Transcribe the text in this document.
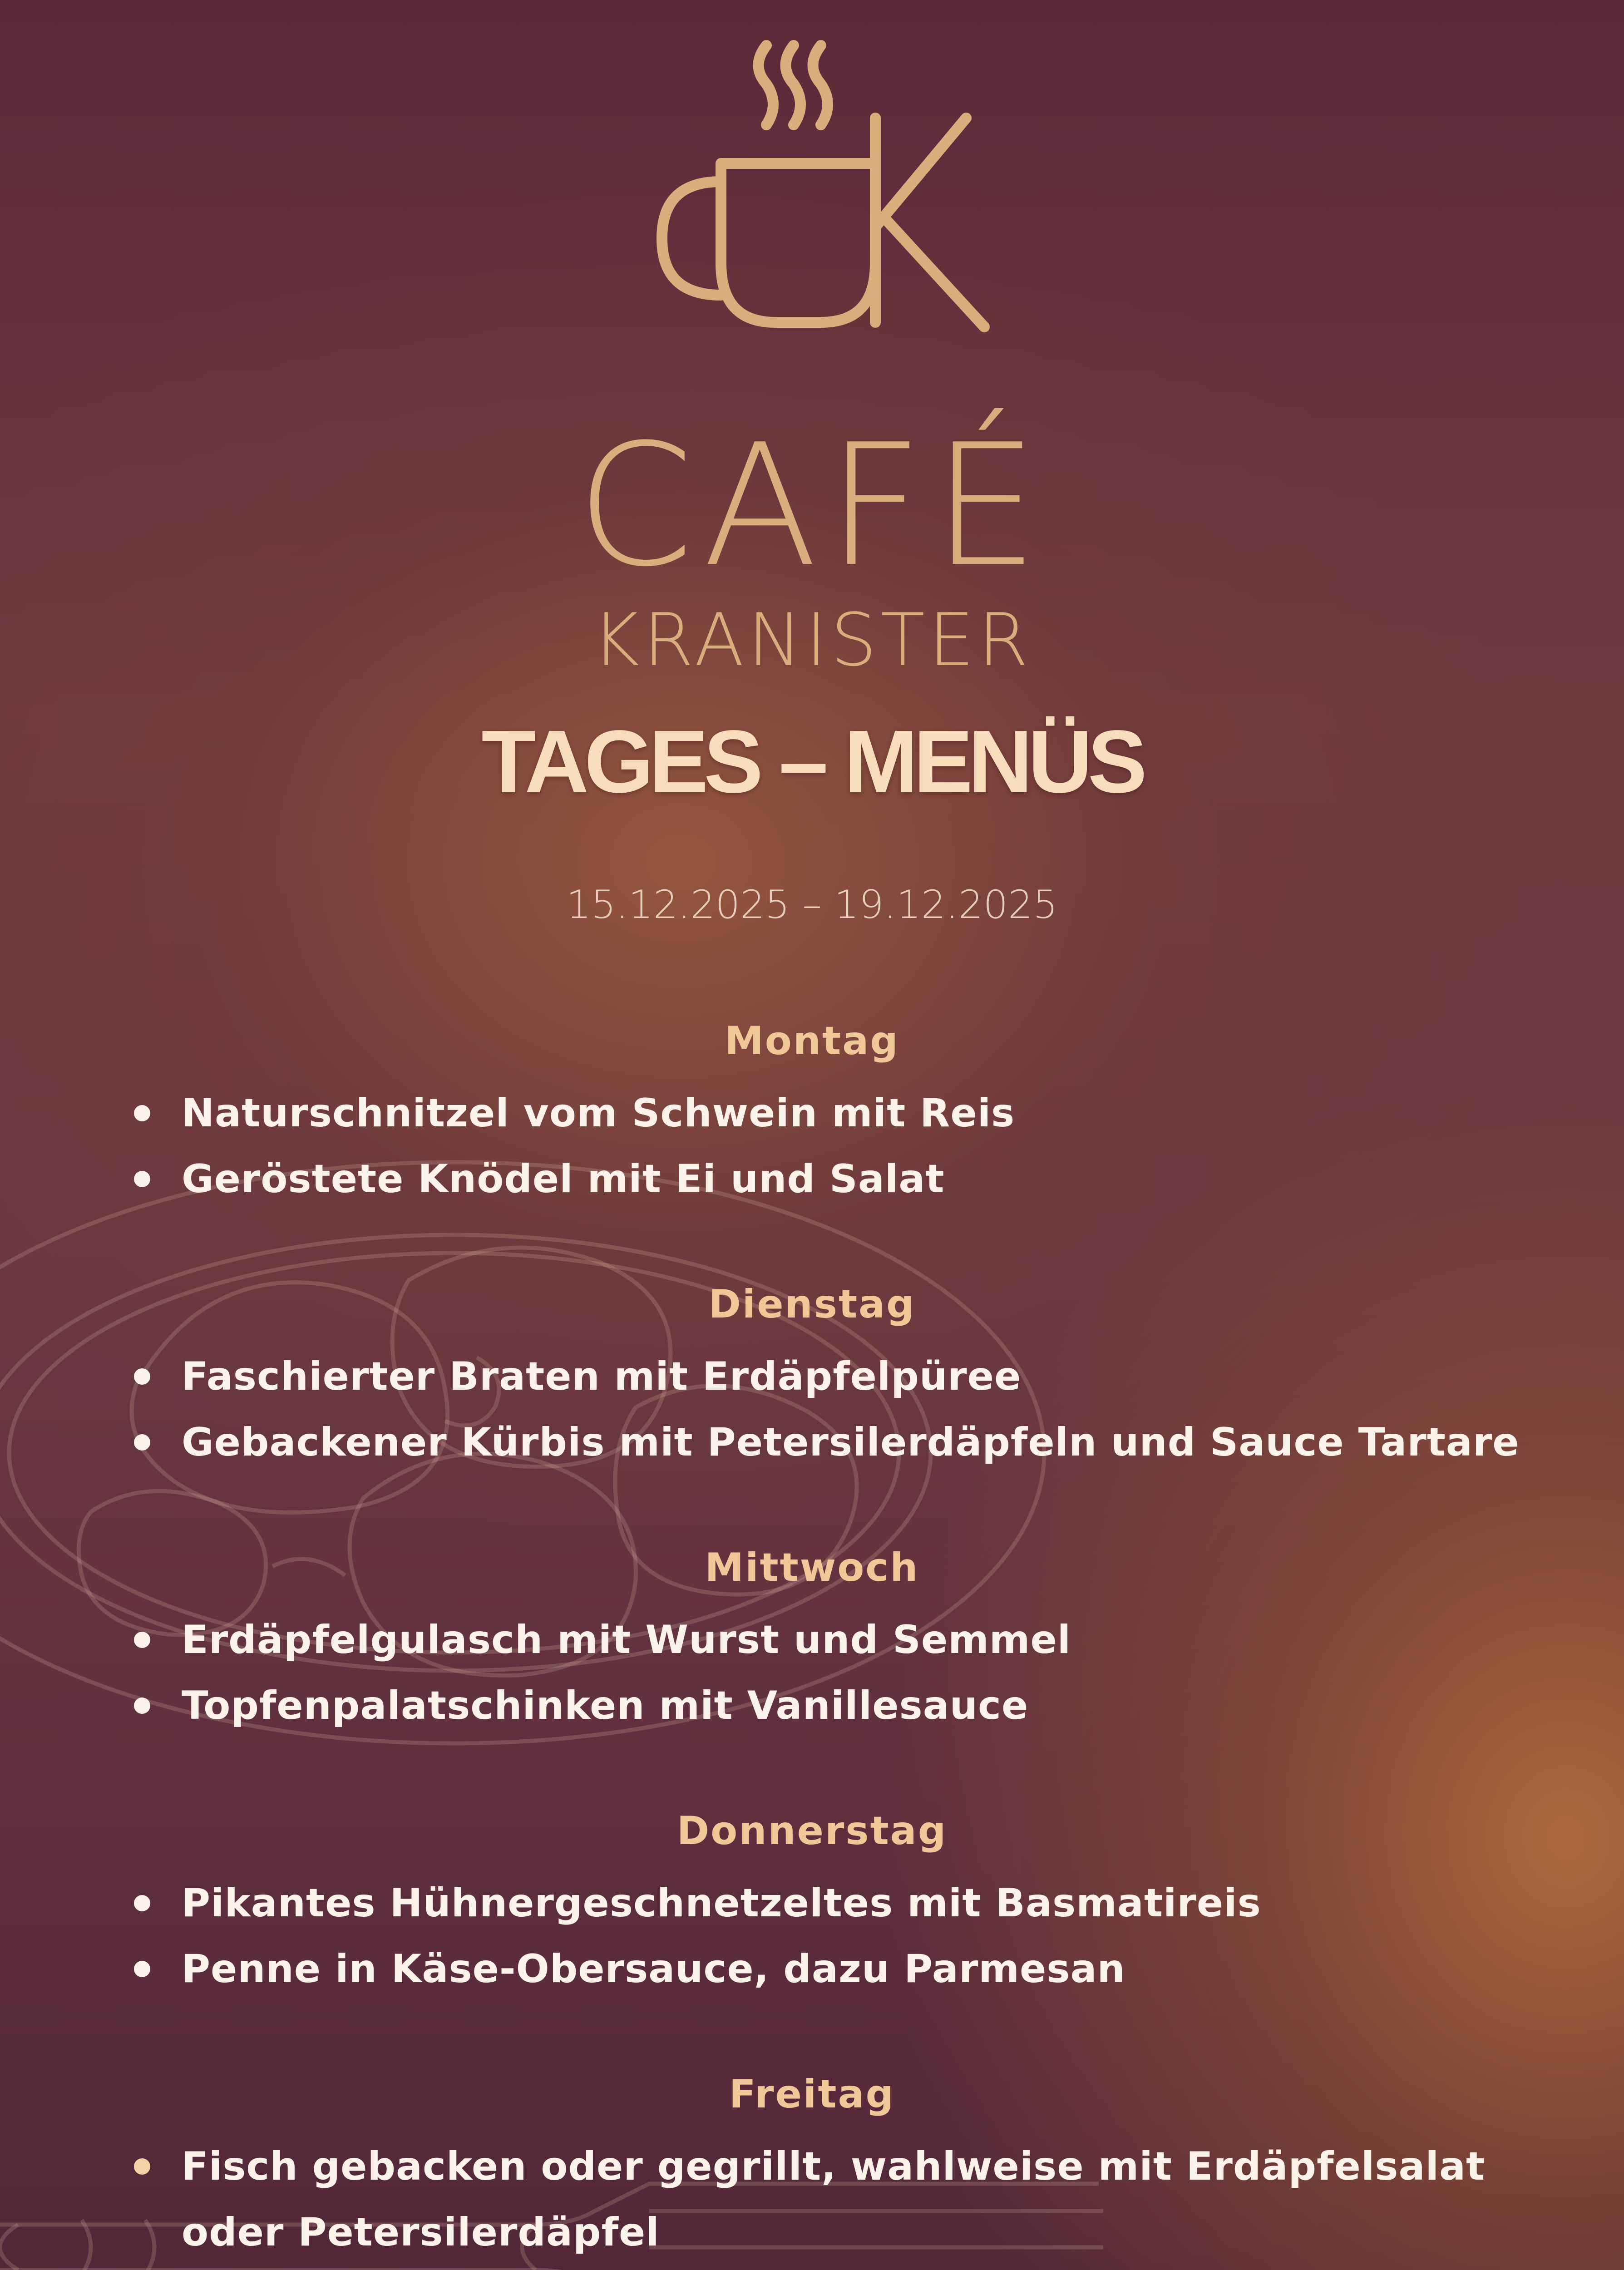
CAFÉ
KRANISTER
TAGES – MENÜS
15.12.2025 – 19.12.2025
Montag
Naturschnitzel vom Schwein mit Reis
Geröstete Knödel mit Ei und Salat
Dienstag
Faschierter Braten mit Erdäpfelpüree
Gebackener Kürbis mit Petersilerdäpfeln und Sauce Tartare
Mittwoch
Erdäpfelgulasch mit Wurst und Semmel
Topfenpalatschinken mit Vanillesauce
Donnerstag
Pikantes Hühnergeschnetzeltes mit Basmatireis
Penne in Käse-Obersauce, dazu Parmesan
Freitag
Fisch gebacken oder gegrillt, wahlweise mit Erdäpfelsalat oder Petersilerdäpfel
